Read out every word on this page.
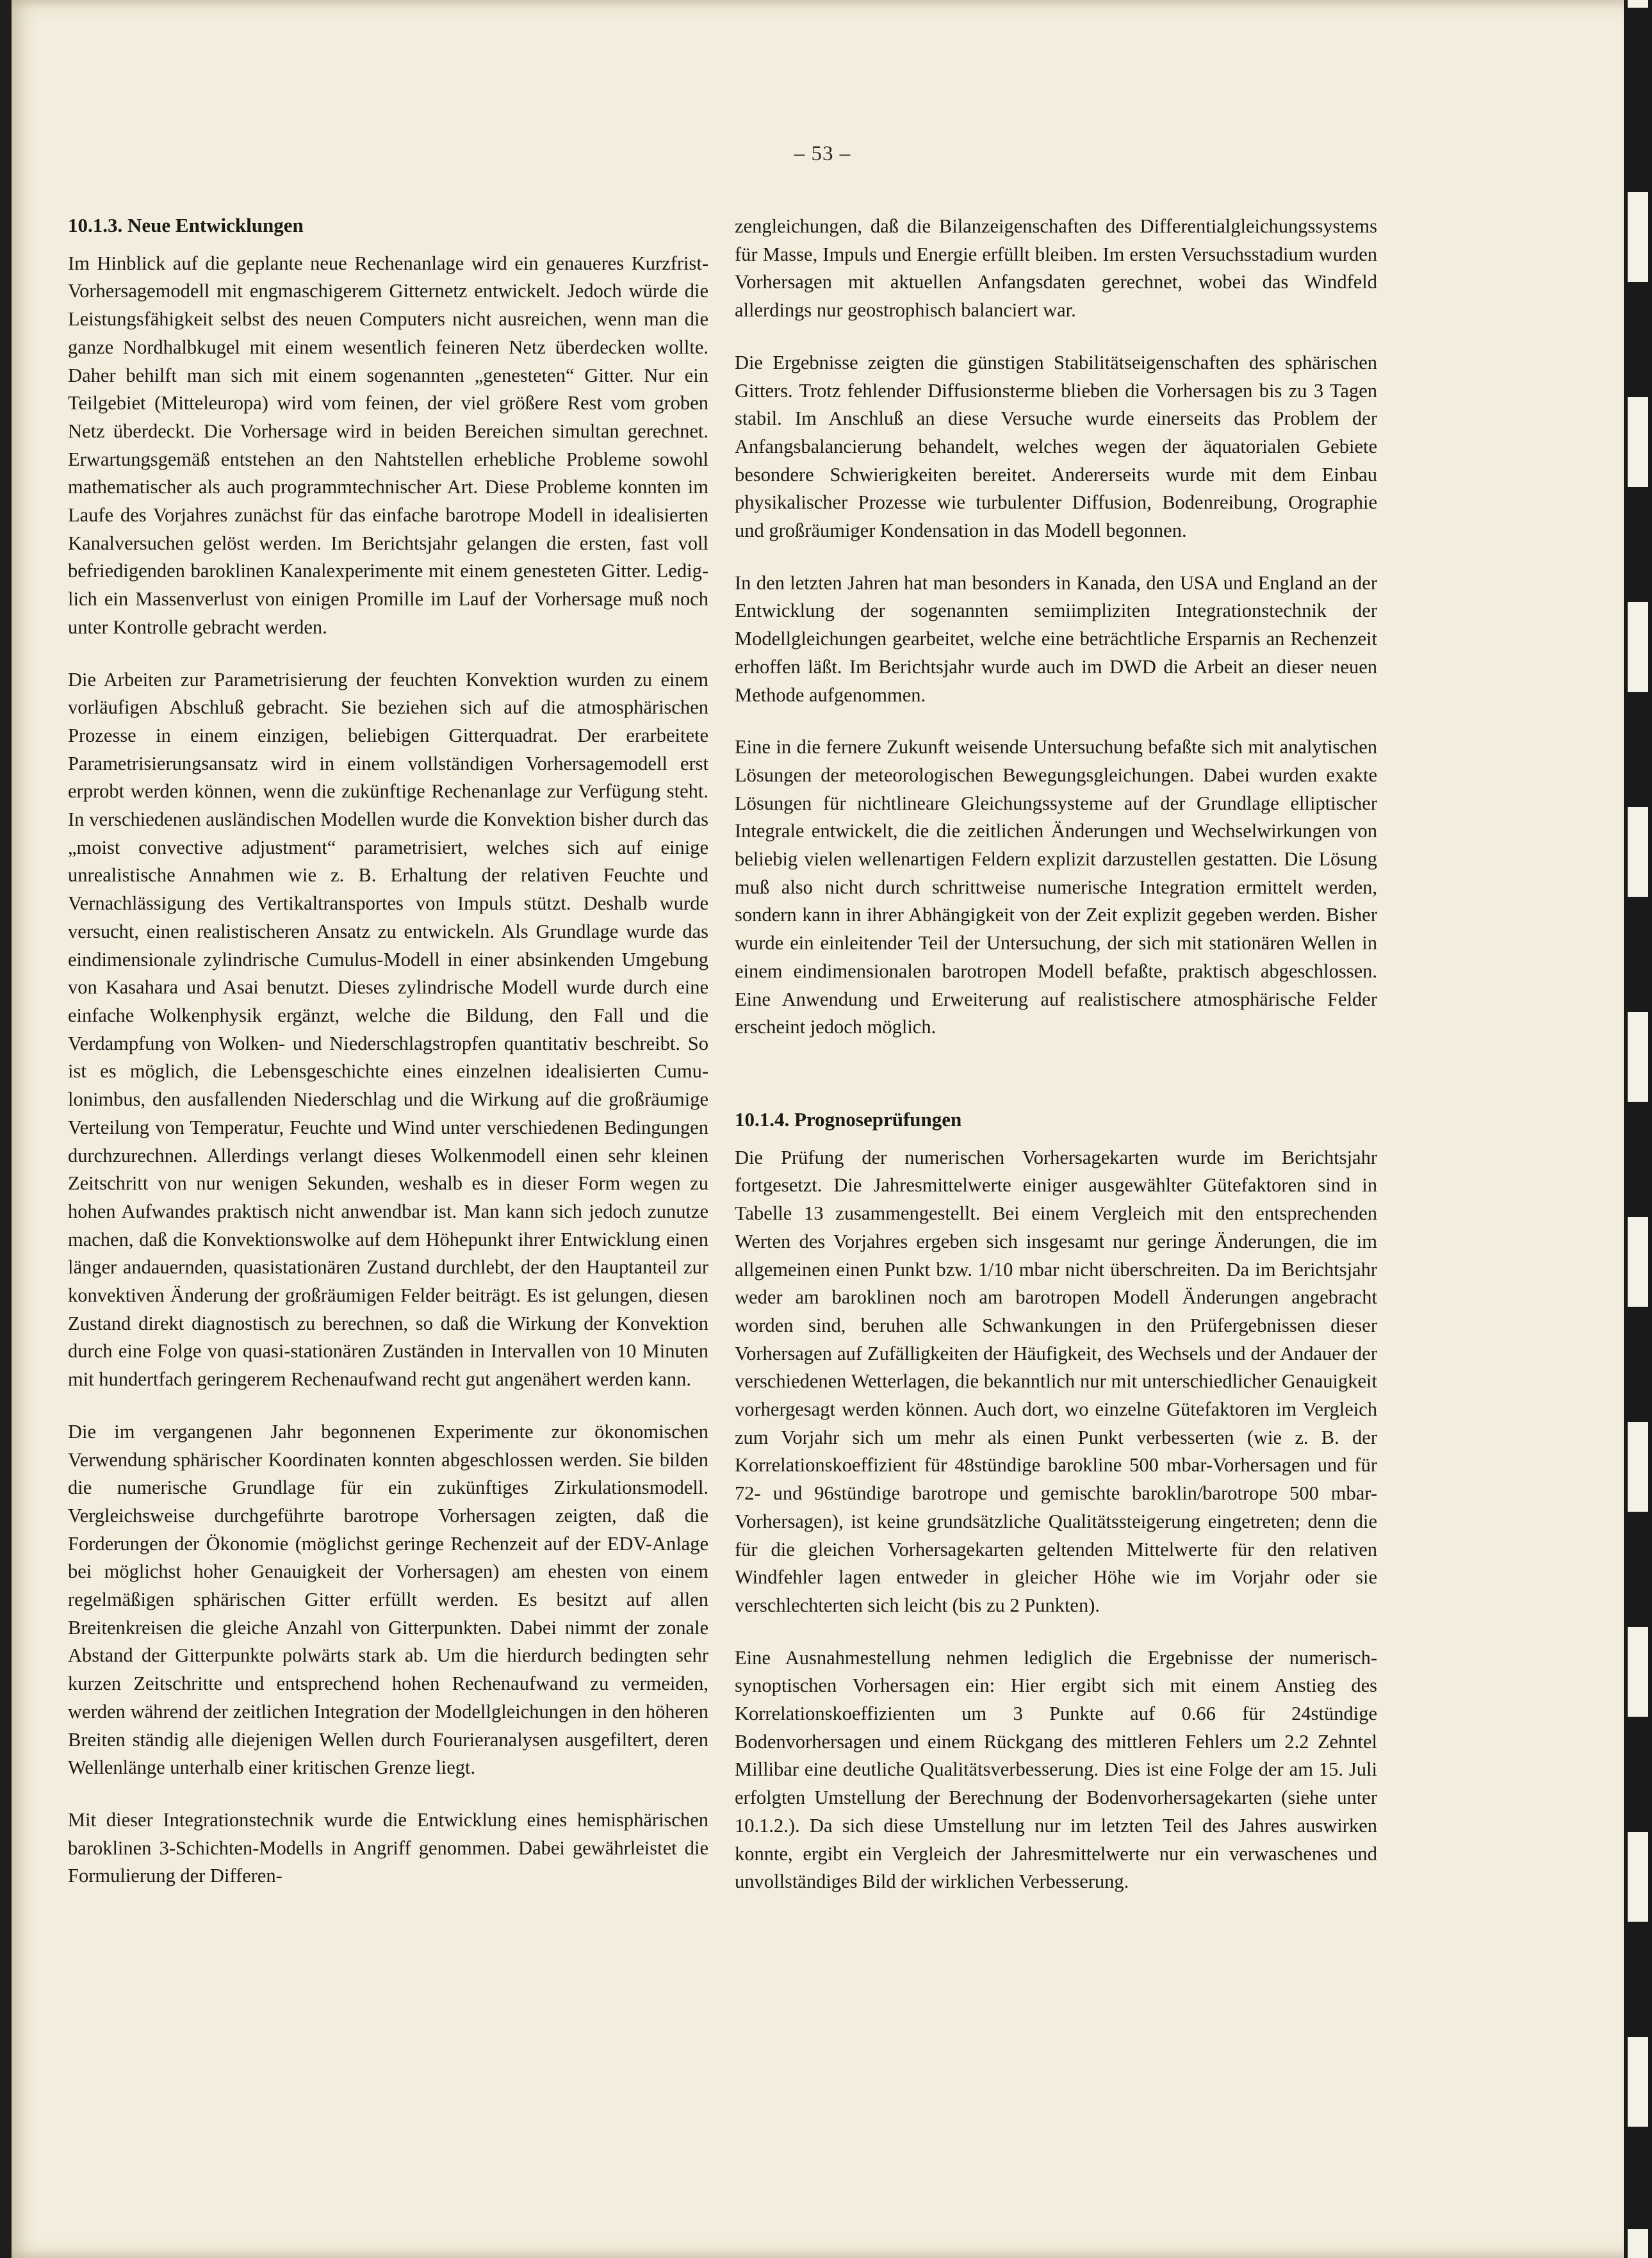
– 53 –
10.1.3. Neue Entwicklungen

Im Hinblick auf die geplante neue Rechenanlage wird ein genaueres Kurzfrist-Vorhersagemodell mit engmaschigerem Gitternetz entwickelt. Jedoch würde die Leistungsfähigkeit selbst des neuen Computers nicht ausreichen, wenn man die ganze Nordhalbkugel mit einem wesentlich feineren Netz überdecken wollte. Daher behilft man sich mit einem sogenannten „genesteten“ Gitter. Nur ein Teilgebiet (Mitteleuropa) wird vom feinen, der viel größere Rest vom groben Netz überdeckt. Die Vorhersage wird in beiden Bereichen simultan gerechnet. Erwartungsgemäß entstehen an den Nahtstellen erhebliche Probleme sowohl mathematischer als auch programmtechnischer Art. Diese Probleme konnten im Laufe des Vorjahres zunächst für das einfache barotrope Modell in idealisierten Kanalversuchen gelöst werden. Im Berichtsjahr gelangen die ersten, fast voll befriedigenden baroklinen Kanalexperimente mit einem genesteten Gitter. Lediglich ein Massenverlust von einigen Promille im Lauf der Vorhersage muß noch unter Kontrolle gebracht werden.

Die Arbeiten zur Parametrisierung der feuchten Konvektion wurden zu einem vorläufigen Abschluß gebracht. Sie beziehen sich auf die atmosphärischen Prozesse in einem einzigen, beliebigen Gitterquadrat. Der erarbeitete Parametrisierungsansatz wird in einem vollständigen Vorhersagemodell erst erprobt werden können, wenn die zukünftige Rechenanlage zur Verfügung steht. In verschiedenen ausländischen Modellen wurde die Konvektion bisher durch das „moist convective adjustment“ parametrisiert, welches sich auf einige unrealistische Annahmen wie z. B. Erhaltung der relativen Feuchte und Vernachlässigung des Vertikaltransportes von Impuls stützt. Deshalb wurde versucht, einen realistischeren Ansatz zu entwickeln. Als Grundlage wurde das eindimensionale zylindrische Cumulus-Modell in einer absinkenden Umgebung von Kasahara und Asai benutzt. Dieses zylindrische Modell wurde durch eine einfache Wolkenphysik ergänzt, welche die Bildung, den Fall und die Verdampfung von Wolken- und Niederschlagstropfen quantitativ beschreibt. So ist es möglich, die Lebensgeschichte eines einzelnen idealisierten Cumulonimbus, den ausfallenden Niederschlag und die Wirkung auf die großräumige Verteilung von Temperatur, Feuchte und Wind unter verschiedenen Bedingungen durchzurechnen. Allerdings verlangt dieses Wolkenmodell einen sehr kleinen Zeitschritt von nur wenigen Sekunden, weshalb es in dieser Form wegen zu hohen Aufwandes praktisch nicht anwendbar ist. Man kann sich jedoch zunutze machen, daß die Konvektionswolke auf dem Höhepunkt ihrer Entwicklung einen länger andauernden, quasistationären Zustand durchlebt, der den Hauptanteil zur konvektiven Änderung der großräumigen Felder beiträgt. Es ist gelungen, diesen Zustand direkt diagnostisch zu berechnen, so daß die Wirkung der Konvektion durch eine Folge von quasi-stationären Zuständen in Intervallen von 10 Minuten mit hundertfach geringerem Rechenaufwand recht gut angenähert werden kann.

Die im vergangenen Jahr begonnenen Experimente zur ökonomischen Verwendung sphärischer Koordinaten konnten abgeschlossen werden. Sie bilden die numerische Grundlage für ein zukünftiges Zirkulationsmodell. Vergleichsweise durchgeführte barotrope Vorhersagen zeigten, daß die Forderungen der Ökonomie (möglichst geringe Rechenzeit auf der EDV-Anlage bei möglichst hoher Genauigkeit der Vorhersagen) am ehesten von einem regelmäßigen sphärischen Gitter erfüllt werden. Es besitzt auf allen Breitenkreisen die gleiche Anzahl von Gitterpunkten. Dabei nimmt der zonale Abstand der Gitterpunkte polwärts stark ab. Um die hierdurch bedingten sehr kurzen Zeitschritte und entsprechend hohen Rechenaufwand zu vermeiden, werden während der zeitlichen Integration der Modellgleichungen in den höheren Breiten ständig alle diejenigen Wellen durch Fourieranalysen ausgefiltert, deren Wellenlänge unterhalb einer kritischen Grenze liegt.

Mit dieser Integrationstechnik wurde die Entwicklung eines hemisphärischen baroklinen 3-Schichten-Modells in Angriff genommen. Dabei gewährleistet die Formulierung der Differen-

zengleichungen, daß die Bilanzeigenschaften des Differentialgleichungssystems für Masse, Impuls und Energie erfüllt bleiben. Im ersten Versuchsstadium wurden Vorhersagen mit aktuellen Anfangsdaten gerechnet, wobei das Windfeld allerdings nur geostrophisch balanciert war.

Die Ergebnisse zeigten die günstigen Stabilitätseigenschaften des sphärischen Gitters. Trotz fehlender Diffusionsterme blieben die Vorhersagen bis zu 3 Tagen stabil. Im Anschluß an diese Versuche wurde einerseits das Problem der Anfangsbalancierung behandelt, welches wegen der äquatorialen Gebiete besondere Schwierigkeiten bereitet. Andererseits wurde mit dem Einbau physikalischer Prozesse wie turbulenter Diffusion, Bodenreibung, Orographie und großräumiger Kondensation in das Modell begonnen.

In den letzten Jahren hat man besonders in Kanada, den USA und England an der Entwicklung der sogenannten semiimpliziten Integrationstechnik der Modellgleichungen gearbeitet, welche eine beträchtliche Ersparnis an Rechenzeit erhoffen läßt. Im Berichtsjahr wurde auch im DWD die Arbeit an dieser neuen Methode aufgenommen.

Eine in die fernere Zukunft weisende Untersuchung befaßte sich mit analytischen Lösungen der meteorologischen Bewegungsgleichungen. Dabei wurden exakte Lösungen für nichtlineare Gleichungssysteme auf der Grundlage elliptischer Integrale entwickelt, die die zeitlichen Änderungen und Wechselwirkungen von beliebig vielen wellenartigen Feldern explizit darzustellen gestatten. Die Lösung muß also nicht durch schrittweise numerische Integration ermittelt werden, sondern kann in ihrer Abhängigkeit von der Zeit explizit gegeben werden. Bisher wurde ein einleitender Teil der Untersuchung, der sich mit stationären Wellen in einem eindimensionalen barotropen Modell befaßte, praktisch abgeschlossen. Eine Anwendung und Erweiterung auf realistischere atmosphärische Felder erscheint jedoch möglich.

10.1.4. Prognoseprüfungen

Die Prüfung der numerischen Vorhersagekarten wurde im Berichtsjahr fortgesetzt. Die Jahresmittelwerte einiger ausgewählter Gütefaktoren sind in Tabelle 13 zusammengestellt. Bei einem Vergleich mit den entsprechenden Werten des Vorjahres ergeben sich insgesamt nur geringe Änderungen, die im allgemeinen einen Punkt bzw. 1/10 mbar nicht überschreiten. Da im Berichtsjahr weder am baroklinen noch am barotropen Modell Änderungen angebracht worden sind, beruhen alle Schwankungen in den Prüfergebnissen dieser Vorhersagen auf Zufälligkeiten der Häufigkeit, des Wechsels und der Andauer der verschiedenen Wetterlagen, die bekanntlich nur mit unterschiedlicher Genauigkeit vorhergesagt werden können. Auch dort, wo einzelne Gütefaktoren im Vergleich zum Vorjahr sich um mehr als einen Punkt verbesserten (wie z. B. der Korrelationskoeffizient für 48stündige barokline 500 mbar-Vorhersagen und für 72- und 96stündige barotrope und gemischte baroklin/barotrope 500 mbar-Vorhersagen), ist keine grundsätzliche Qualitätssteigerung eingetreten; denn die für die gleichen Vorhersagekarten geltenden Mittelwerte für den relativen Windfehler lagen entweder in gleicher Höhe wie im Vorjahr oder sie verschlechterten sich leicht (bis zu 2 Punkten).

Eine Ausnahmestellung nehmen lediglich die Ergebnisse der numerisch-synoptischen Vorhersagen ein: Hier ergibt sich mit einem Anstieg des Korrelationskoeffizienten um 3 Punkte auf 0.66 für 24stündige Bodenvorhersagen und einem Rückgang des mittleren Fehlers um 2.2 Zehntel Millibar eine deutliche Qualitätsverbesserung. Dies ist eine Folge der am 15. Juli erfolgten Umstellung der Berechnung der Bodenvorhersagekarten (siehe unter 10.1.2.). Da sich diese Umstellung nur im letzten Teil des Jahres auswirken konnte, ergibt ein Vergleich der Jahresmittelwerte nur ein verwaschenes und unvollständiges Bild der wirklichen Verbesserung.
